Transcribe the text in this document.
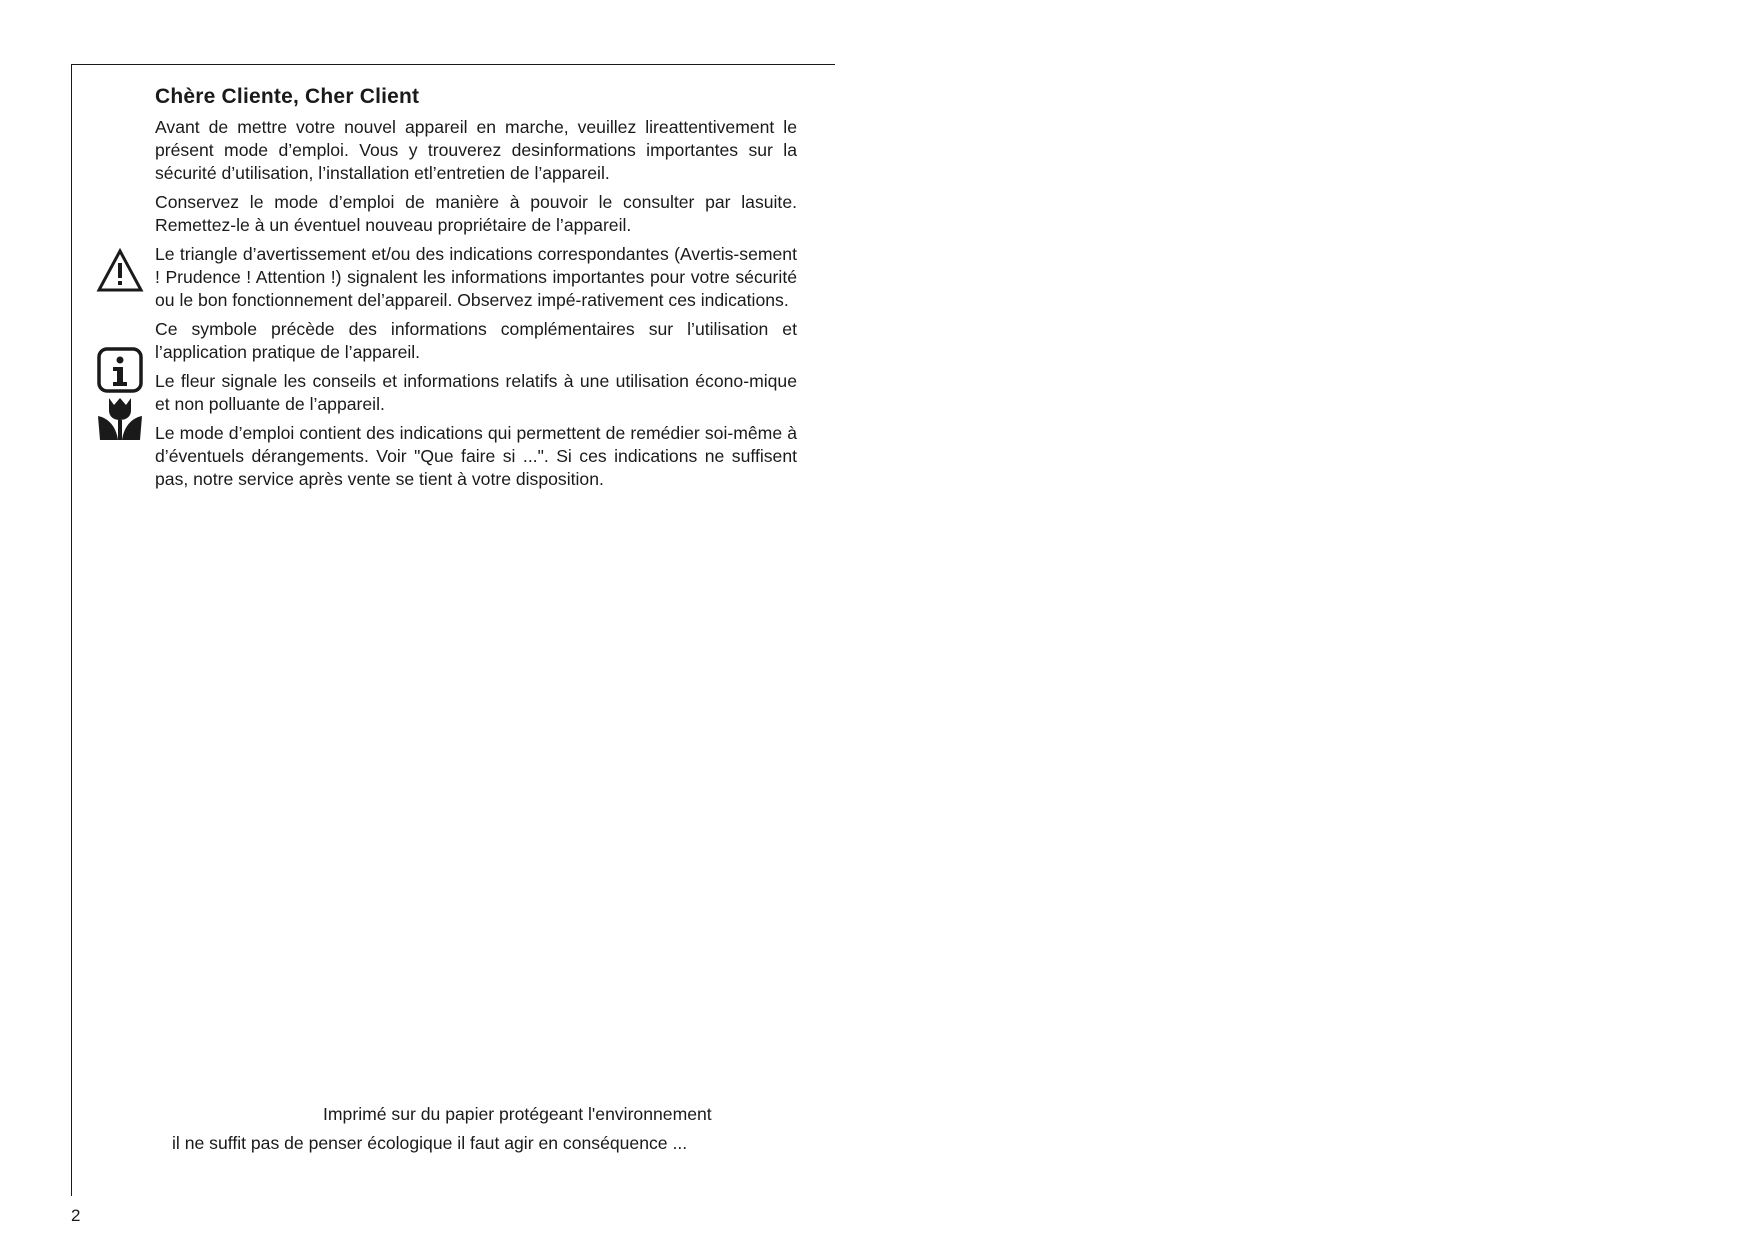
Chère Cliente, Cher Client

Avant de mettre votre nouvel appareil en marche, veuillez lireattentivement le présent mode d’emploi. Vous y trouverez desinformations importantes sur la sécurité d’utilisation, l’installation etl’entretien de l’appareil.

Conservez le mode d’emploi de manière à pouvoir le consulter par lasuite. Remettez-le à un éventuel nouveau propriétaire de l’appareil.

Le triangle d’avertissement et/ou des indications correspondantes (Avertis-sement ! Prudence ! Attention !) signalent les informations importantes pour votre sécurité ou le bon fonctionnement del’appareil. Observez impé-rativement ces indications.

Ce symbole précède des informations complémentaires sur l’utilisation et l’application pratique de l’appareil.

Le fleur signale les conseils et informations relatifs à une utilisation écono-mique et non polluante de l’appareil.

Le mode d’emploi contient des indications qui permettent de remédier soi-même à d’éventuels dérangements. Voir "Que faire si ...". Si ces indications ne suffisent pas, notre service après vente se tient à votre disposition.

Imprimé sur du papier protégeant l'environnement
il ne suffit pas de penser écologique il faut agir en conséquence ...
2
